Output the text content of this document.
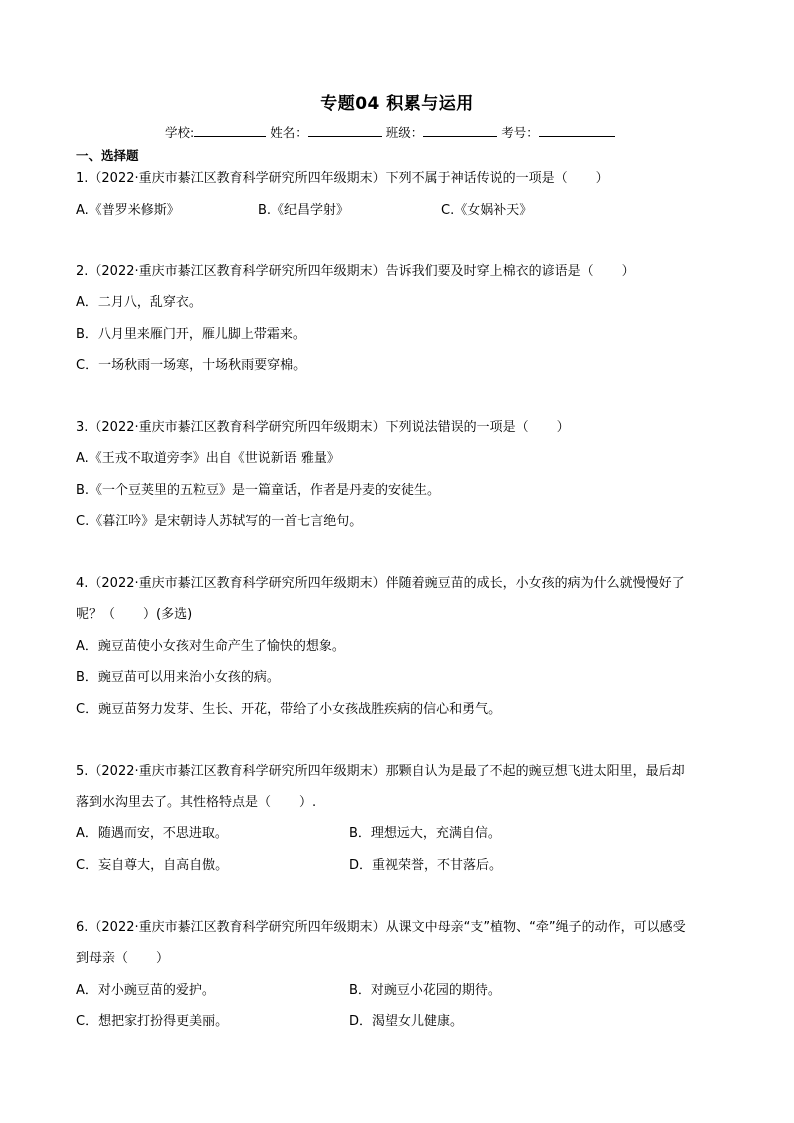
专题04 积累与运用
学校:	姓名：	班级：	考号：
一、选择题
1.（2022·重庆市綦江区教育科学研究所四年级期末）下列不属于神话传说的一项是（ ）
A.《普罗米修斯》	B.《纪昌学射》	C.《女娲补天》
2.（2022·重庆市綦江区教育科学研究所四年级期末）告诉我们要及时穿上棉衣的谚语是（ ）
A．二月八，乱穿衣。
B．八月里来雁门开，雁儿脚上带霜来。
C．一场秋雨一场寒，十场秋雨要穿棉。
3.（2022·重庆市綦江区教育科学研究所四年级期末）下列说法错误的一项是（ ）
A.《王戎不取道旁李》出自《世说新语 雅量》
B.《一个豆荚里的五粒豆》是一篇童话，作者是丹麦的安徒生。
C.《暮江吟》是宋朝诗人苏轼写的一首七言绝句。
4.（2022·重庆市綦江区教育科学研究所四年级期末）伴随着豌豆苗的成长，小女孩的病为什么就慢慢好了
呢？（ ）(多选)
A．豌豆苗使小女孩对生命产生了愉快的想象。
B．豌豆苗可以用来治小女孩的病。
C．豌豆苗努力发芽、生长、开花，带给了小女孩战胜疾病的信心和勇气。
5.（2022·重庆市綦江区教育科学研究所四年级期末）那颗自认为是最了不起的豌豆想飞进太阳里，最后却
落到水沟里去了。其性格特点是（ ）.
A．随遇而安，不思进取。	B．理想远大，充满自信。
C．妄自尊大，自高自傲。	D．重视荣誉，不甘落后。
6.（2022·重庆市綦江区教育科学研究所四年级期末）从课文中母亲“支”植物、“牵”绳子的动作，可以感受
到母亲（ ）
A．对小豌豆苗的爱护。	B．对豌豆小花园的期待。
C．想把家打扮得更美丽。	D．渴望女儿健康。
